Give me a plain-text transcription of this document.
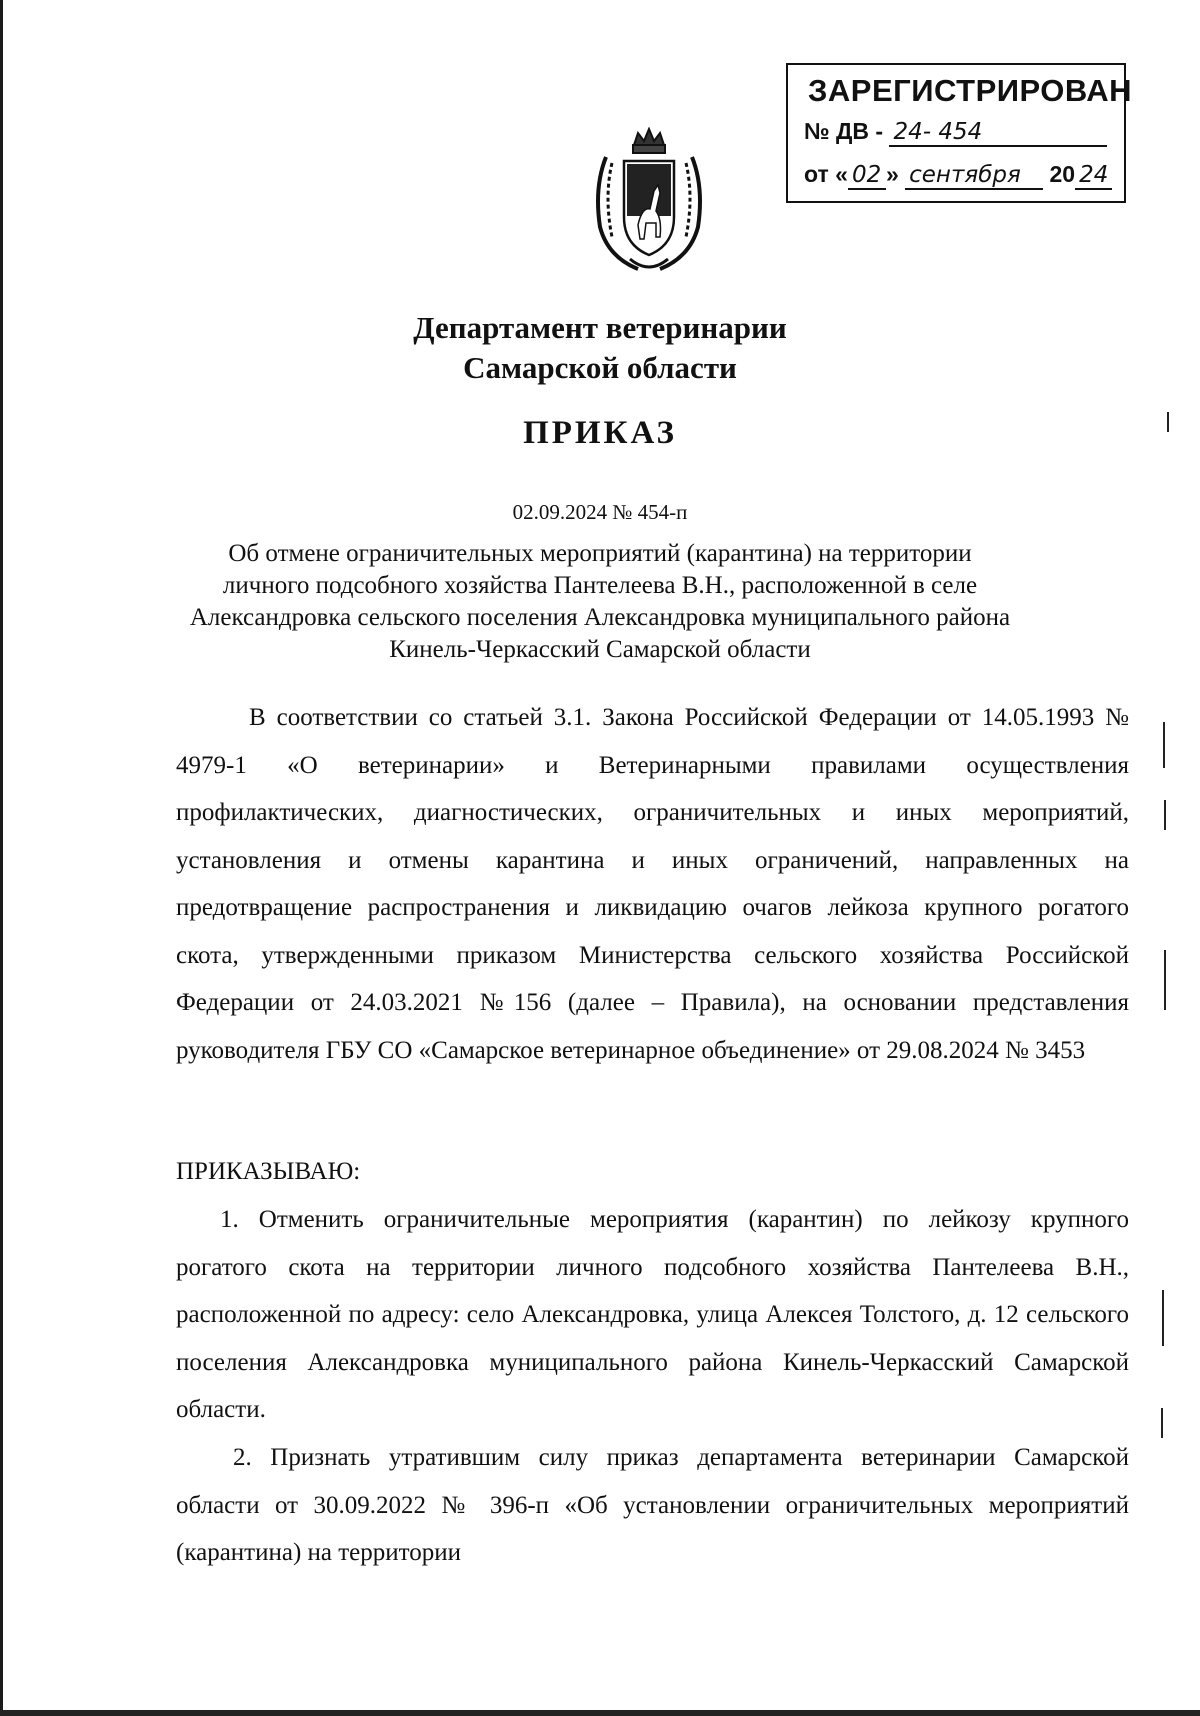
ЗАРЕГИСТРИРОВАН
№ ДВ - 24- 454
от « 02 » сентября 20 24
Департамент ветеринарии
Самарской области
ПРИКАЗ
02.09.2024 № 454-п
Об отмене ограничительных мероприятий (карантина) на территории
личного подсобного хозяйства Пантелеева В.Н., расположенной в селе
Александровка сельского поселения Александровка муниципального района
Кинель-Черкасский Самарской области
В соответствии со статьей 3.1. Закона Российской Федерации от 14.05.1993 № 4979-1 «О ветеринарии» и Ветеринарными правилами осуществления профилактических, диагностических, ограничительных и иных мероприятий, установления и отмены карантина и иных ограничений, направленных на предотвращение распространения и ликвидацию очагов лейкоза крупного рогатого скота, утвержденными приказом Министерства сельского хозяйства Российской Федерации от 24.03.2021 №156 (далее – Правила), на основании представления руководителя ГБУ СО «Самарское ветеринарное объединение» от 29.08.2024 № 3453
ПРИКАЗЫВАЮ:
1. Отменить ограничительные мероприятия (карантин) по лейкозу крупного рогатого скота на территории личного подсобного хозяйства Пантелеева В.Н., расположенной по адресу: село Александровка, улица Алексея Толстого, д. 12 сельского поселения Александровка муниципального района Кинель-Черкасский Самарской области.
2. Признать утратившим силу приказ департамента ветеринарии Самарской области от 30.09.2022 № 396-п «Об установлении ограничительных мероприятий (карантина) на территории
